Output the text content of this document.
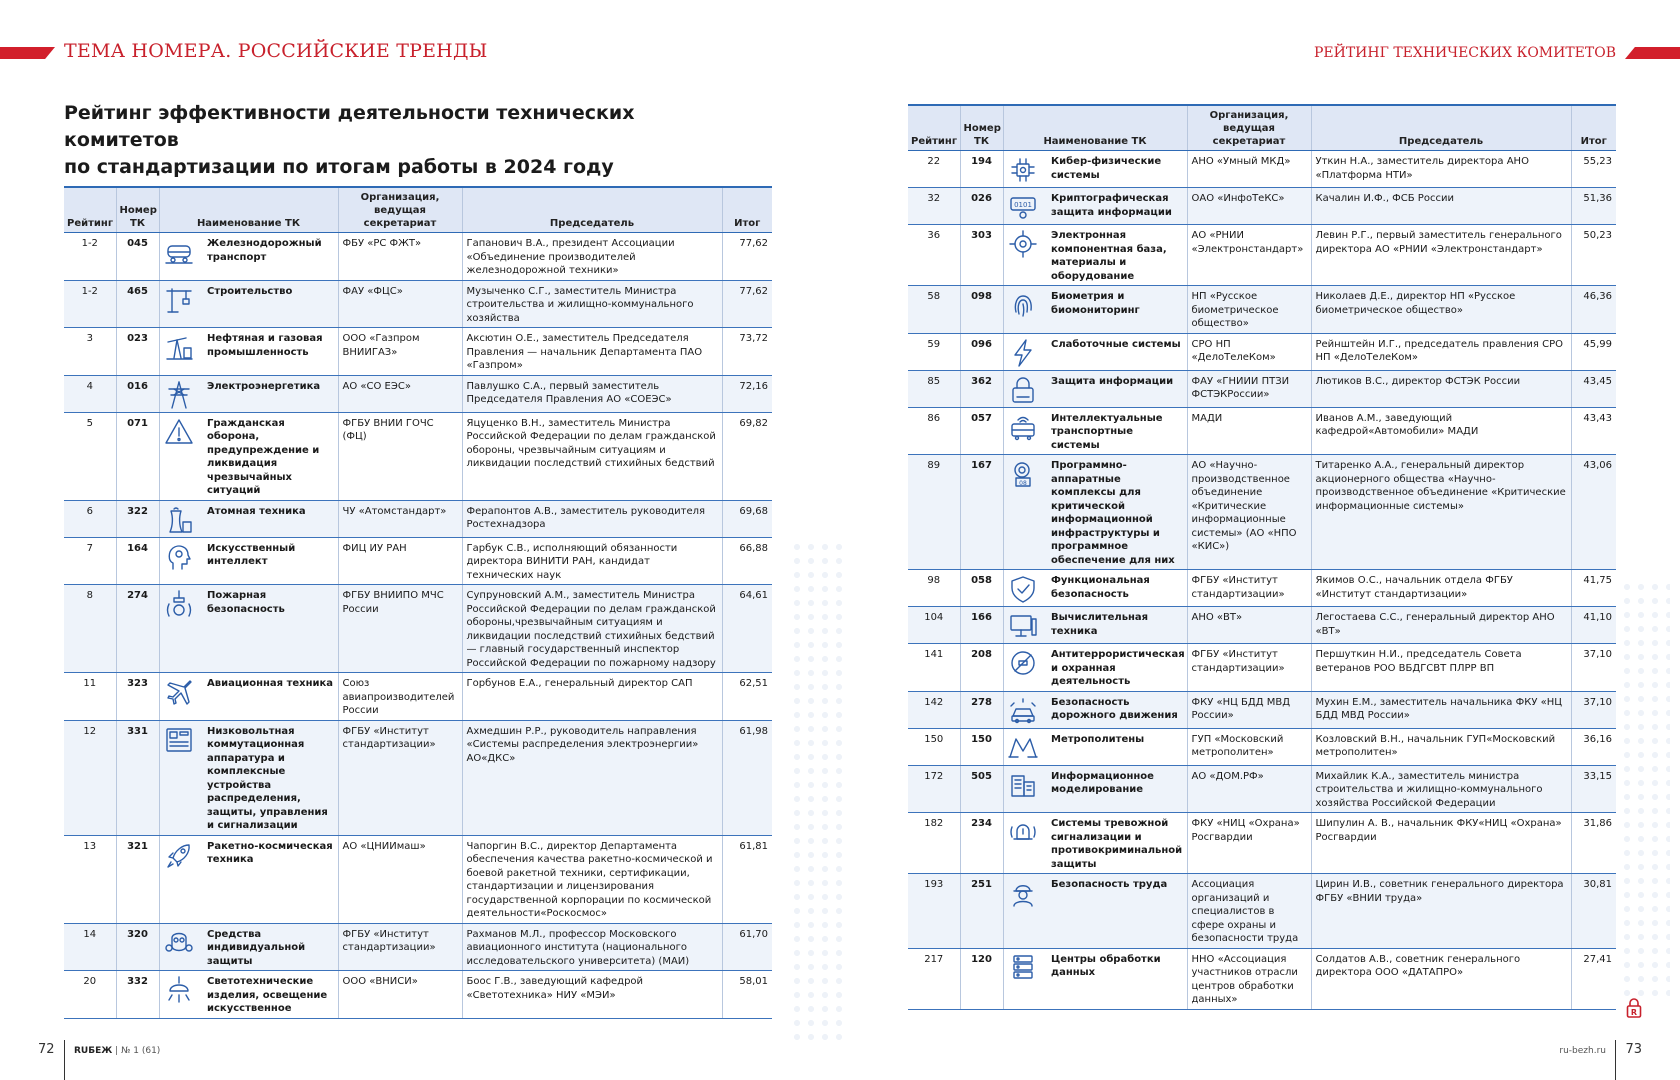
ТЕМА НОМЕРА. РОССИЙСКИЕ ТРЕНДЫ	РЕЙТИНГ ТЕХНИЧЕСКИХ КОМИТЕТОВ
Рейтинг эффективности деятельности технических комитетов
по стандартизации по итогам работы в 2024 году
Рейтинг	Номер ТК	Наименование ТК		Организация, ведущая секретариат	Председатель	Итог
1-2	045		Железнодорожный транспорт	ФБУ «РС ФЖТ»	Гапанович В.А., президент Ассоциации «Объединение производителей железнодорожной техники»	77,62
1-2	465		Строительство	ФАУ «ФЦС»	Музыченко С.Г., заместитель Министра строительства и жилищно-коммунального хозяйства	77,62
3	023		Нефтяная и газовая промышленность	ООО «Газпром ВНИИГАЗ»	Аксютин О.Е., заместитель Председателя Правления — начальник Департамента ПАО «Газпром»	73,72
4	016		Электроэнергетика	АО «СО ЕЭС»	Павлушко С.А., первый заместитель Председателя Правления АО «СОЕЭС»	72,16
5	071		Гражданская оборона, предупреждение и ликвидация чрезвычайных ситуаций	ФГБУ ВНИИ ГОЧС (ФЦ)	Яцуценко В.Н., заместитель Министра Российской Федерации по делам гражданской обороны, чрезвычайным ситуациям и ликвидации последствий стихийных бедствий	69,82
6	322		Атомная техника	ЧУ «Атомстандарт»	Ферапонтов А.В., заместитель руководителя Ростехнадзора	69,68
7	164		Искусственный интеллект	ФИЦ ИУ РАН	Гарбук С.В., исполняющий обязанности директора ВИНИТИ РАН, кандидат технических наук	66,88
8	274		Пожарная безопасность	ФГБУ ВНИИПО МЧС России	Супруновский А.М., заместитель Министра Российской Федерации по делам гражданской обороны,чрезвычайным ситуациям и ликвидации последствий стихийных бедствий — главный государственный инспектор Российской Федерации по пожарному надзору	64,61
11	323		Авиационная техника	Союз авиапроизводителей России	Горбунов Е.А., генеральный директор САП	62,51
12	331		Низковольтная коммутационная аппаратура и комплексные устройства распределения, защиты, управления и сигнализации	ФГБУ «Институт стандартизации»	Ахмедшин Р.Р., руководитель направления «Системы распределения электроэнергии» АО«ДКС»	61,98
13	321		Ракетно-космическая техника	АО «ЦНИИмаш»	Чапоргин В.С., директор Департамента обеспечения качества ракетно-космической и боевой ракетной техники, сертификации, стандартизации и лицензирования государственной корпорации по космической деятельности«Роскосмос»	61,81
14	320		Средства индивидуальной защиты	ФГБУ «Институт стандартизации»	Рахманов М.Л., профессор Московского авиационного института (национального исследовательского университета) (МАИ)	61,70
20	332		Светотехнические изделия, освещение искусственное	ООО «ВНИСИ»	Боос Г.В., заведующий кафедрой «Светотехника» НИУ «МЭИ»	58,01
Рейтинг	Номер ТК	Наименование ТК		Организация, ведущая секретариат	Председатель	Итог
22	194		Кибер-физические системы	АНО «Умный МКД»	Уткин Н.А., заместитель директора АНО «Платформа НТИ»	55,23
32	026	0101	Криптографическая защита информации	ОАО «ИнфоТеКС»	Качалин И.Ф., ФСБ России	51,36
36	303		Электронная компонентная база, материалы и оборудование	АО «РНИИ «Электронстандарт»	Левин Р.Г., первый заместитель генерального директора АО «РНИИ «Электронстандарт»	50,23
58	098		Биометрия и биомониторинг	НП «Русское биометрическое общество»	Николаев Д.Е., директор НП «Русское биометрическое общество»	46,36
59	096		Слаботочные системы	СРО НП «ДелоТелеКом»	Рейнштейн И.Г., председатель правления СРО НП «ДелоТелеКом»	45,99
85	362		Защита информации	ФАУ «ГНИИИ ПТЗИ ФСТЭКРоссии»	Лютиков В.С., директор ФСТЭК России	43,45
86	057		Интеллектуальные транспортные системы	МАДИ	Иванов А.М., заведующий кафедрой«Автомобили» МАДИ	43,43
89	167	08	Программно-аппаратные комплексы для критической информационной инфраструктуры и программное обеспечение для них	АО «Научно-производственное объединение «Критические информационные системы» (АО «НПО «КИС»)	Титаренко А.А., генеральный директор акционерного общества «Научно-производственное объединение «Критические информационные системы»	43,06
98	058		Функциональная безопасность	ФГБУ «Институт стандартизации»	Якимов О.С., начальник отдела ФГБУ «Институт стандартизации»	41,75
104	166		Вычислительная техника	АНО «ВТ»	Легостаева С.С., генеральный директор АНО «ВТ»	41,10
141	208		Антитеррористическая и охранная деятельность	ФГБУ «Институт стандартизации»	Першуткин Н.И., председатель Совета ветеранов РОО ВБДГСВТ ПЛРР ВП	37,10
142	278		Безопасность дорожного движения	ФКУ «НЦ БДД МВД России»	Мухин Е.М., заместитель начальника ФКУ «НЦ БДД МВД России»	37,10
150	150		Метрополитены	ГУП «Московский метрополитен»	Козловский В.Н., начальник ГУП«Московский метрополитен»	36,16
172	505		Информационное моделирование	АО «ДОМ.РФ»	Михайлик К.А., заместитель министра строительства и жилищно-коммунального хозяйства Российской Федерации	33,15
182	234		Системы тревожной сигнализации и противокриминальной защиты	ФКУ «НИЦ «Охрана» Росгвардии	Шипулин А. В., начальник ФКУ«НИЦ «Охрана» Росгвардии	31,86
193	251		Безопасность труда	Ассоциация организаций и специалистов в сфере охраны и безопасности труда	Цирин И.В., советник генерального директора ФГБУ «ВНИИ труда»	30,81
217	120		Центры обработки данных	ННО «Ассоциация участников отрасли центров обработки данных»	Солдатов А.В., советник генерального директора ООО «ДАТАПРО»	27,41
72 RUБЕЖ | № 1 (61)	ru-bezh.ru 73
R
